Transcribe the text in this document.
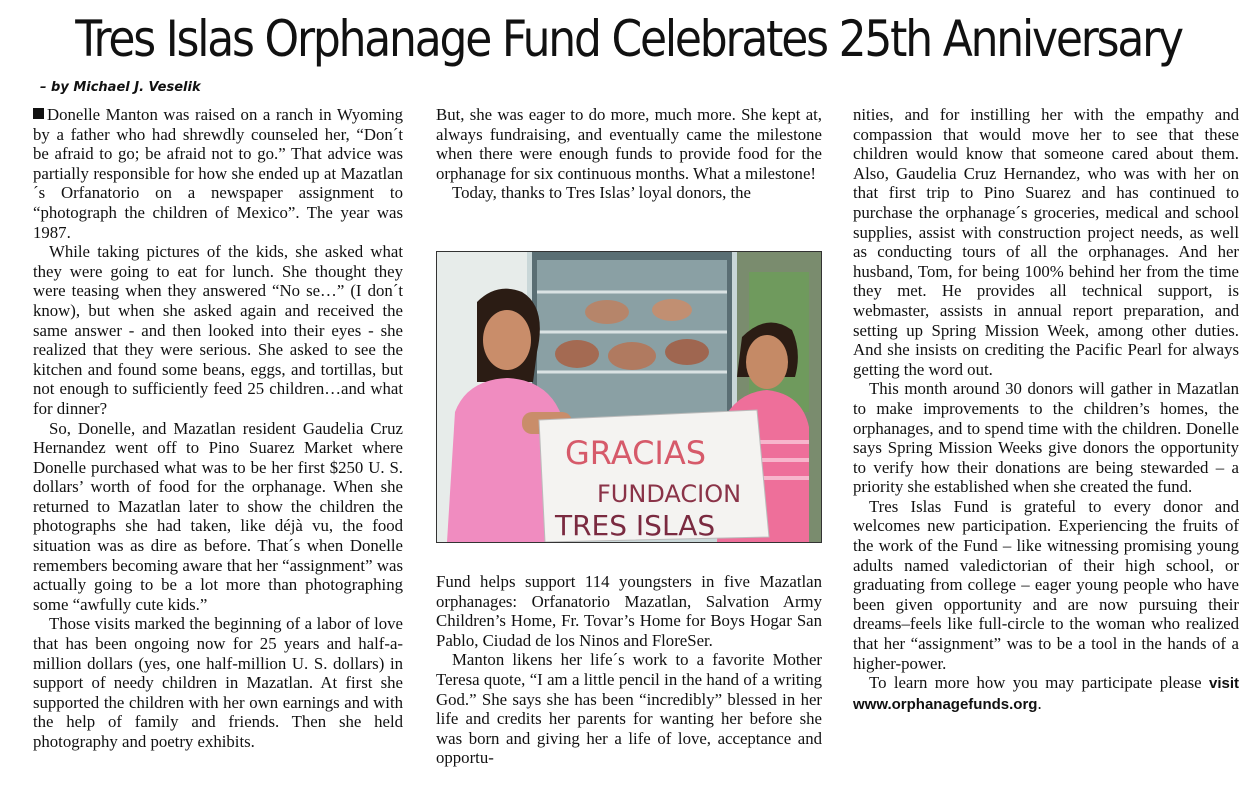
Tres Islas Orphanage Fund Celebrates 25th Anniversary
– by Michael J. Veselik

Donelle Manton was raised on a ranch in Wyoming by a father who had shrewdly counseled her, “Don´t be afraid to go; be afraid not to go.” That advice was partially responsible for how she ended up at Mazatlan´s Orfanatorio on a newspaper assignment to “photograph the children of Mexico”. The year was 1987.

While taking pictures of the kids, she asked what they were going to eat for lunch. She thought they were teasing when they answered “No se…” (I don´t know), but when she asked again and received the same answer - and then looked into their eyes - she realized that they were serious. She asked to see the kitchen and found some beans, eggs, and tortillas, but not enough to sufficiently feed 25 children…and what for dinner?

So, Donelle, and Mazatlan resident Gaudelia Cruz Hernandez went off to Pino Suarez Market where Donelle purchased what was to be her first $250 U. S. dollars’ worth of food for the orphanage. When she returned to Mazatlan later to show the children the photographs she had taken, like déjà vu, the food situation was as dire as before. That´s when Donelle remembers becoming aware that her “assignment” was actually going to be a lot more than photographing some “awfully cute kids.”

Those visits marked the beginning of a labor of love that has been ongoing now for 25 years and half-a-million dollars (yes, one half-million U. S. dollars) in support of needy children in Mazatlan. At first she supported the children with her own earnings and with the help of family and friends. Then she held photography and poetry exhibits.

But, she was eager to do more, much more. She kept at, always fundraising, and eventually came the milestone when there were enough funds to provide food for the orphanage for six continuous months. What a milestone!

Today, thanks to Tres Islas’ loyal donors, the

GRACIAS
FUNDACION
TRES ISLAS

Fund helps support 114 youngsters in five Mazatlan orphanages: Orfanatorio Mazatlan, Salvation Army Children’s Home, Fr. Tovar’s Home for Boys Hogar San Pablo, Ciudad de los Ninos and FloreSer.

Manton likens her life´s work to a favorite Mother Teresa quote, “I am a little pencil in the hand of a writing God.” She says she has been “incredibly” blessed in her life and credits her parents for wanting her before she was born and giving her a life of love, acceptance and opportu-

nities, and for instilling her with the empathy and compassion that would move her to see that these children would know that someone cared about them. Also, Gaudelia Cruz Hernandez, who was with her on that first trip to Pino Suarez and has continued to purchase the orphanage´s groceries, medical and school supplies, assist with construction project needs, as well as conducting tours of all the orphanages. And her husband, Tom, for being 100% behind her from the time they met. He provides all technical support, is webmaster, assists in annual report preparation, and setting up Spring Mission Week, among other duties. And she insists on crediting the Pacific Pearl for always getting the word out.

This month around 30 donors will gather in Mazatlan to make improvements to the children’s homes, the orphanages, and to spend time with the children. Donelle says Spring Mission Weeks give donors the opportunity to verify how their donations are being stewarded – a priority she established when she created the fund.

Tres Islas Fund is grateful to every donor and welcomes new participation. Experiencing the fruits of the work of the Fund – like witnessing promising young adults named valedictorian of their high school, or graduating from college – eager young people who have been given opportunity and are now pursuing their dreams–feels like full-circle to the woman who realized that her “assignment” was to be a tool in the hands of a higher-power.

To learn more how you may participate please visit www.orphanagefunds.org.
